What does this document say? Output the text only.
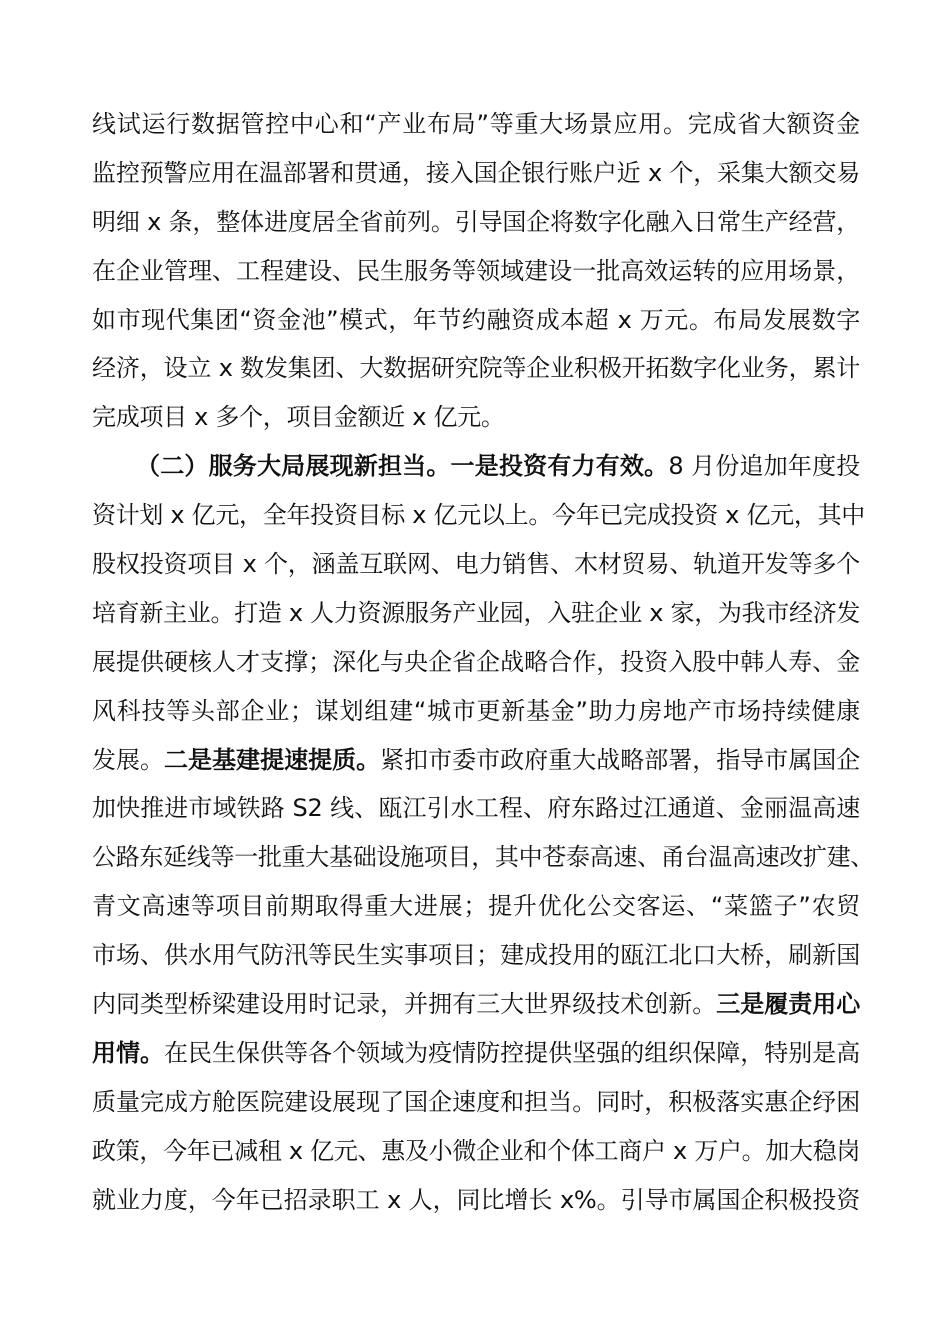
线试运行数据管控中心和“产业布局”等重大场景应用。完成省大额资金
监控预警应用在温部署和贯通，接入国企银行账户近 x 个，采集大额交易
明细 x 条，整体进度居全省前列。引导国企将数字化融入日常生产经营，
在企业管理、工程建设、民生服务等领域建设一批高效运转的应用场景，
如市现代集团“资金池”模式，年节约融资成本超 x 万元。布局发展数字
经济，设立 x 数发集团、大数据研究院等企业积极开拓数字化业务，累计
完成项目 x 多个，项目金额近 x 亿元。
（二）服务大局展现新担当。一是投资有力有效。8 月份追加年度投
资计划 x 亿元，全年投资目标 x 亿元以上。今年已完成投资 x 亿元，其中
股权投资项目 x 个，涵盖互联网、电力销售、木材贸易、轨道开发等多个
培育新主业。打造 x 人力资源服务产业园，入驻企业 x 家，为我市经济发
展提供硬核人才支撑；深化与央企省企战略合作，投资入股中韩人寿、金
风科技等头部企业；谋划组建“城市更新基金”助力房地产市场持续健康
发展。二是基建提速提质。紧扣市委市政府重大战略部署，指导市属国企
加快推进市域铁路 S2 线、瓯江引水工程、府东路过江通道、金丽温高速
公路东延线等一批重大基础设施项目，其中苍泰高速、甬台温高速改扩建、
青文高速等项目前期取得重大进展；提升优化公交客运、“菜篮子”农贸
市场、供水用气防汛等民生实事项目；建成投用的瓯江北口大桥，刷新国
内同类型桥梁建设用时记录，并拥有三大世界级技术创新。三是履责用心
用情。在民生保供等各个领域为疫情防控提供坚强的组织保障，特别是高
质量完成方舱医院建设展现了国企速度和担当。同时，积极落实惠企纾困
政策，今年已减租 x 亿元、惠及小微企业和个体工商户 x 万户。加大稳岗
就业力度，今年已招录职工 x 人，同比增长 x%。引导市属国企积极投资
